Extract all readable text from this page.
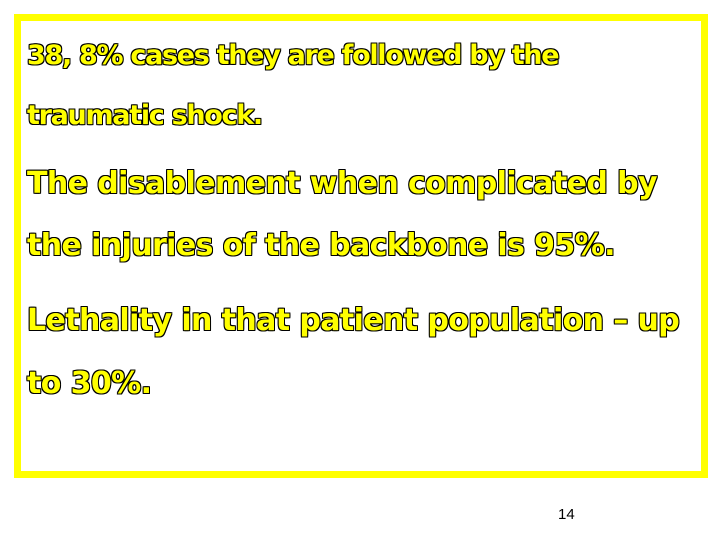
38, 8% cases they are followed by the

traumatic shock.

The disablement when complicated by

the injuries of the backbone is 95%.

Lethality in that patient population – up

to 30%.

14
